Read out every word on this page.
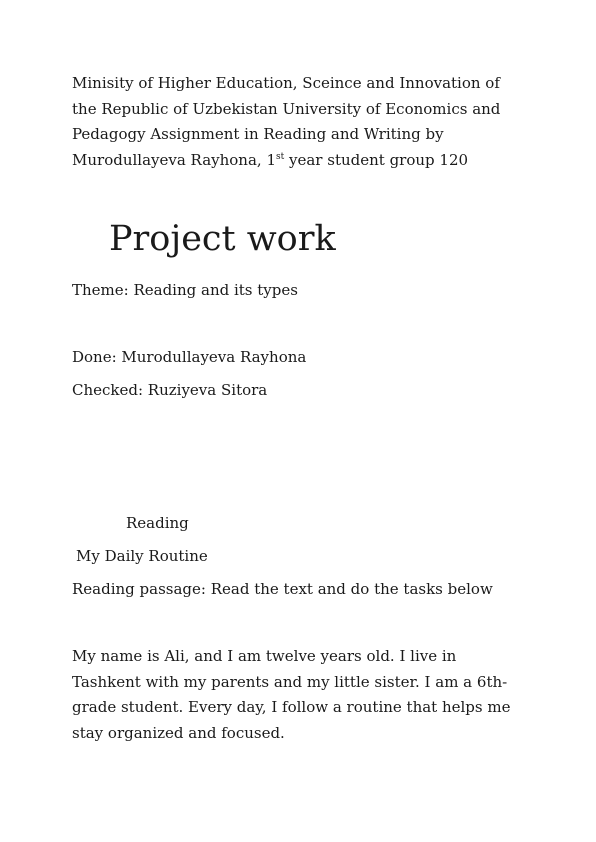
Minisity of Higher Education, Sceince and Innovation of the Republic of Uzbekistan University of Economics and Pedagogy Assignment in Reading and Writing by Murodullayeva Rayhona, 1st year student group 120
Project work
Theme: Reading and its types
Done: Murodullayeva Rayhona
Checked: Ruziyeva Sitora
Reading
My Daily Routine
Reading passage: Read the text and do the tasks below
My name is Ali, and I am twelve years old. I live in Tashkent with my parents and my little sister. I am a 6th-grade student. Every day, I follow a routine that helps me stay organized and focused.
